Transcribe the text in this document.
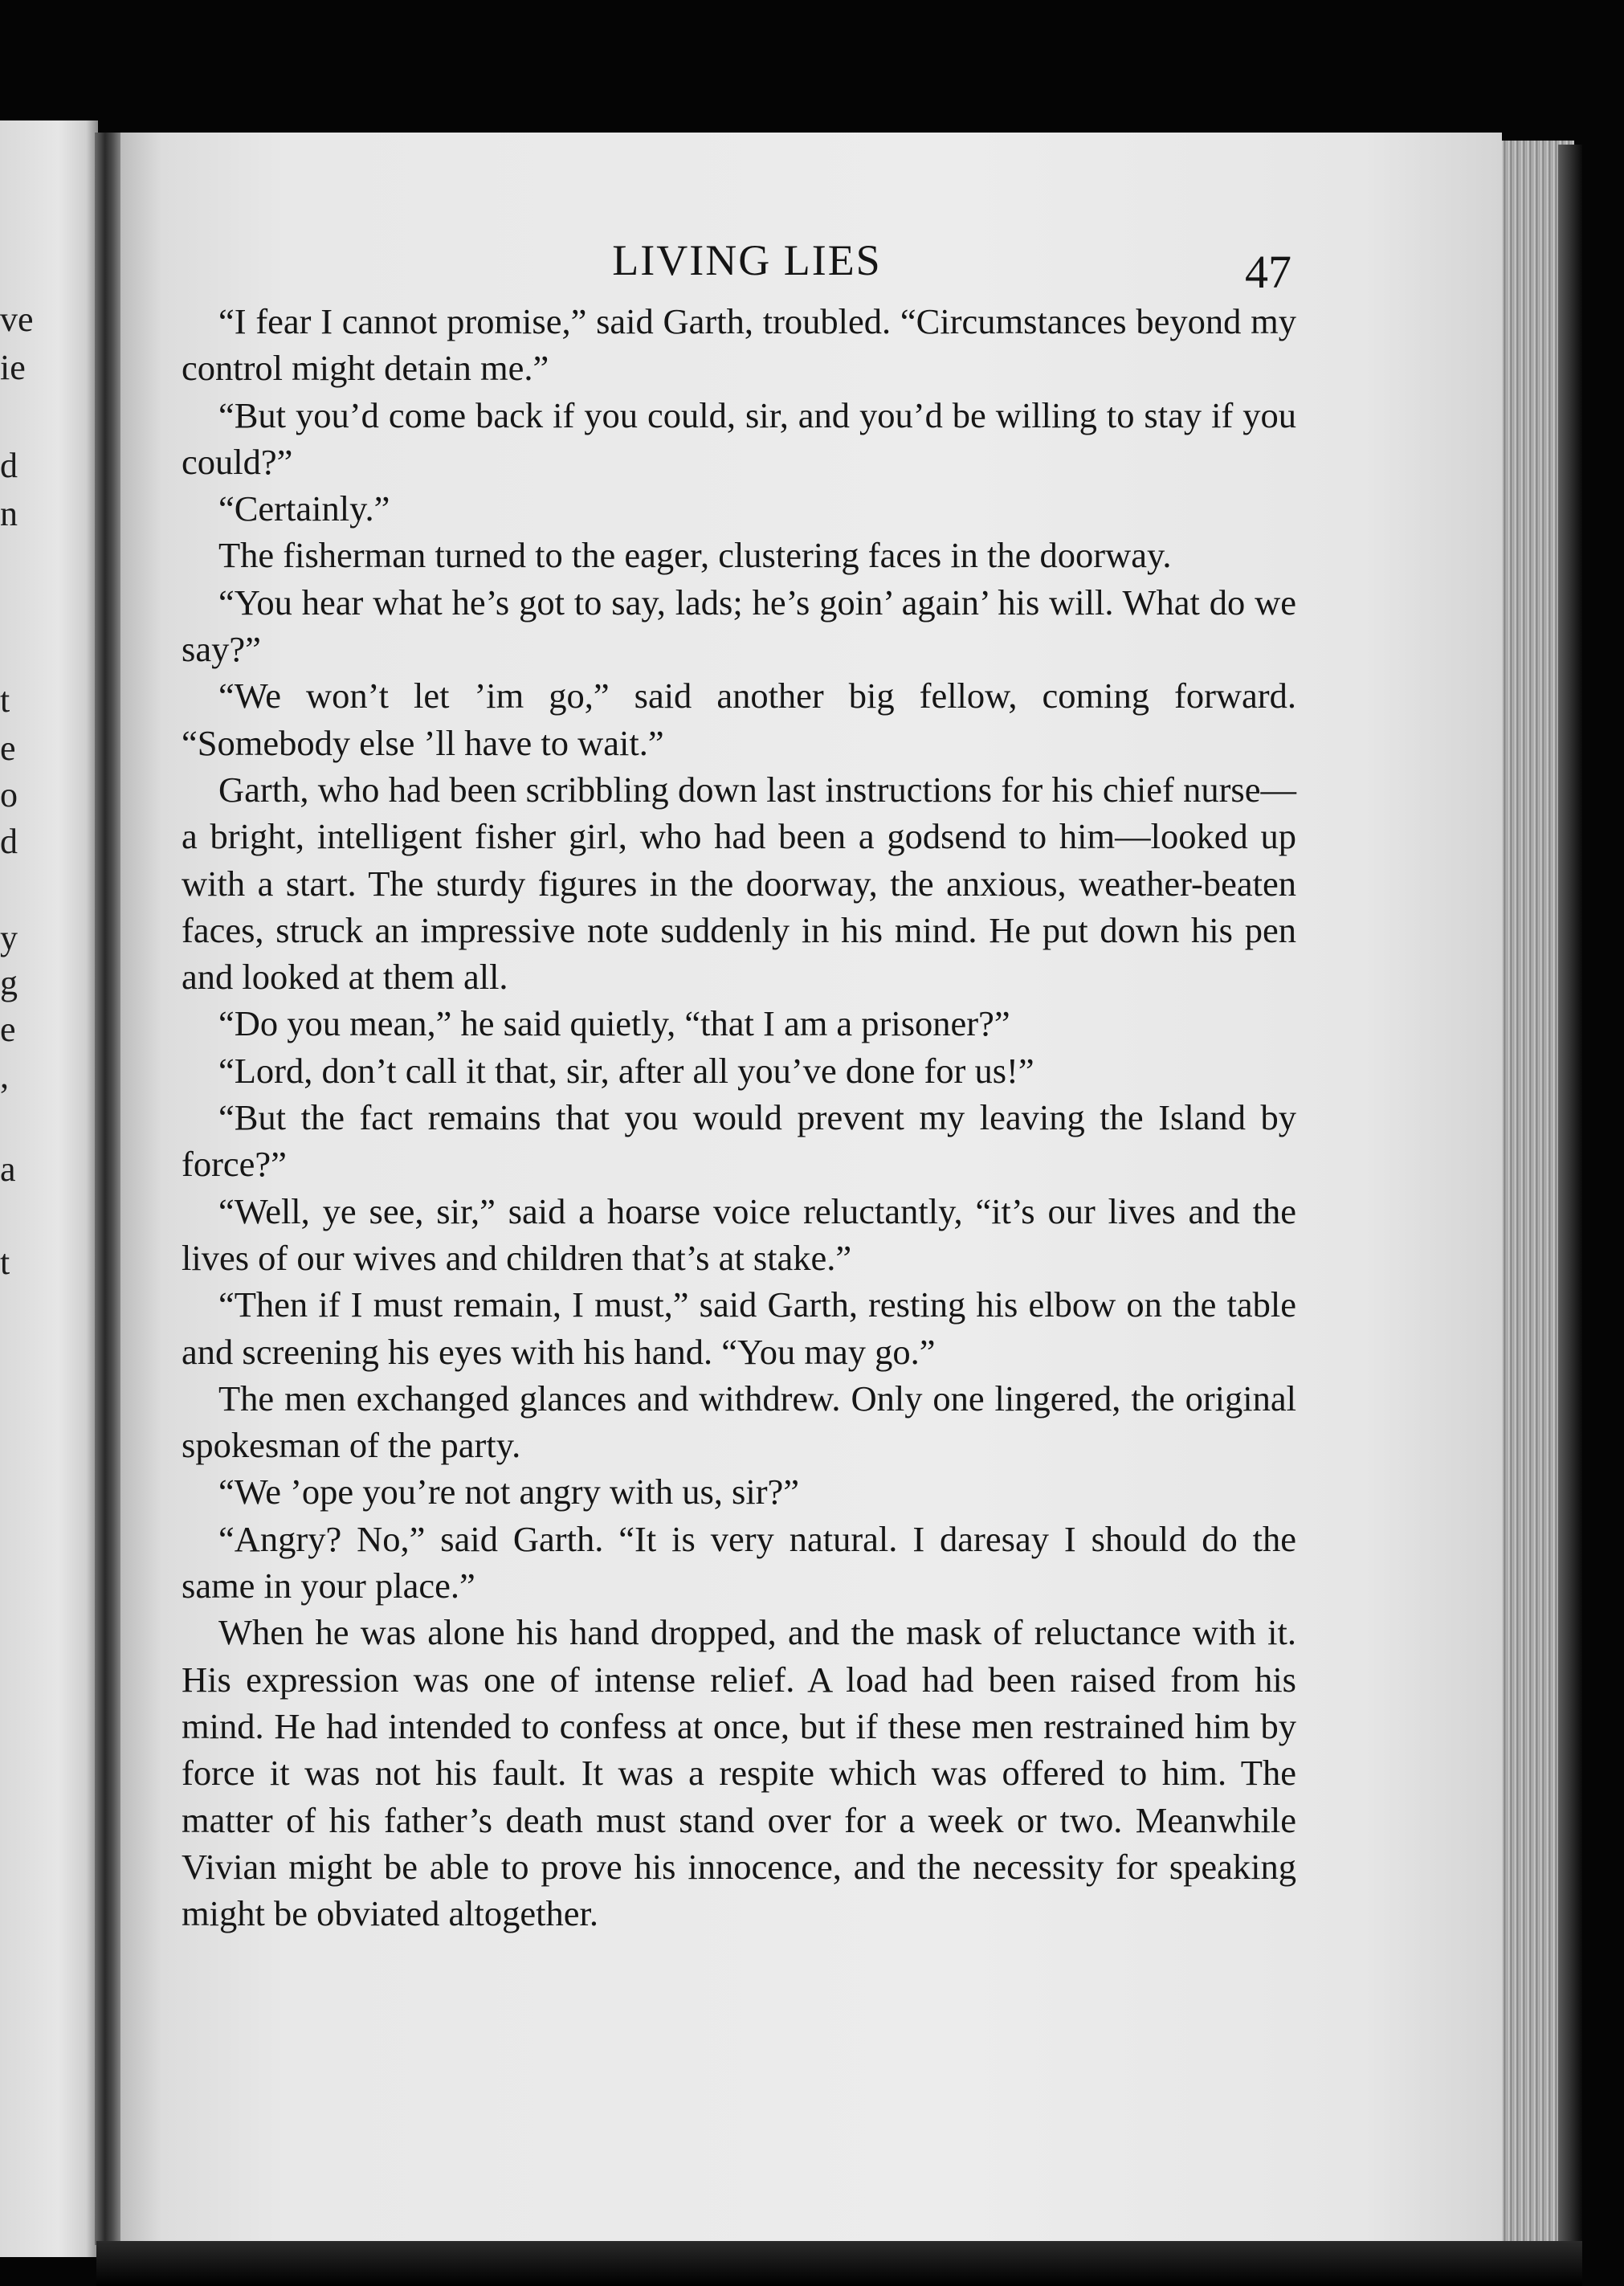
ve
ie
d
n
t
e
o
d
y
g
e
,
a
t
LIVING LIES	47

“I fear I cannot promise,” said Garth, troubled. “Circumstances beyond my control might detain me.”

“But you’d come back if you could, sir, and you’d be willing to stay if you could?”

“Certainly.”

The fisherman turned to the eager, clustering faces in the doorway.

“You hear what he’s got to say, lads; he’s goin’ again’ his will. What do we say?”

“We won’t let ’im go,” said another big fellow, coming forward. “Somebody else ’ll have to wait.”

Garth, who had been scribbling down last instructions for his chief nurse—a bright, intelligent fisher girl, who had been a godsend to him—looked up with a start. The sturdy figures in the doorway, the anxious, weather-beaten faces, struck an impressive note suddenly in his mind. He put down his pen and looked at them all.

“Do you mean,” he said quietly, “that I am a prisoner?”

“Lord, don’t call it that, sir, after all you’ve done for us!”

“But the fact remains that you would prevent my leaving the Island by force?”

“Well, ye see, sir,” said a hoarse voice reluctantly, “it’s our lives and the lives of our wives and children that’s at stake.”

“Then if I must remain, I must,” said Garth, resting his elbow on the table and screening his eyes with his hand. “You may go.”

The men exchanged glances and withdrew. Only one lingered, the original spokesman of the party.

“We ’ope you’re not angry with us, sir?”

“Angry? No,” said Garth. “It is very natural. I daresay I should do the same in your place.”

When he was alone his hand dropped, and the mask of reluctance with it. His expression was one of intense relief. A load had been raised from his mind. He had intended to confess at once, but if these men restrained him by force it was not his fault. It was a respite which was offered to him. The matter of his father’s death must stand over for a week or two. Meanwhile Vivian might be able to prove his innocence, and the necessity for speaking might be obviated altogether.
